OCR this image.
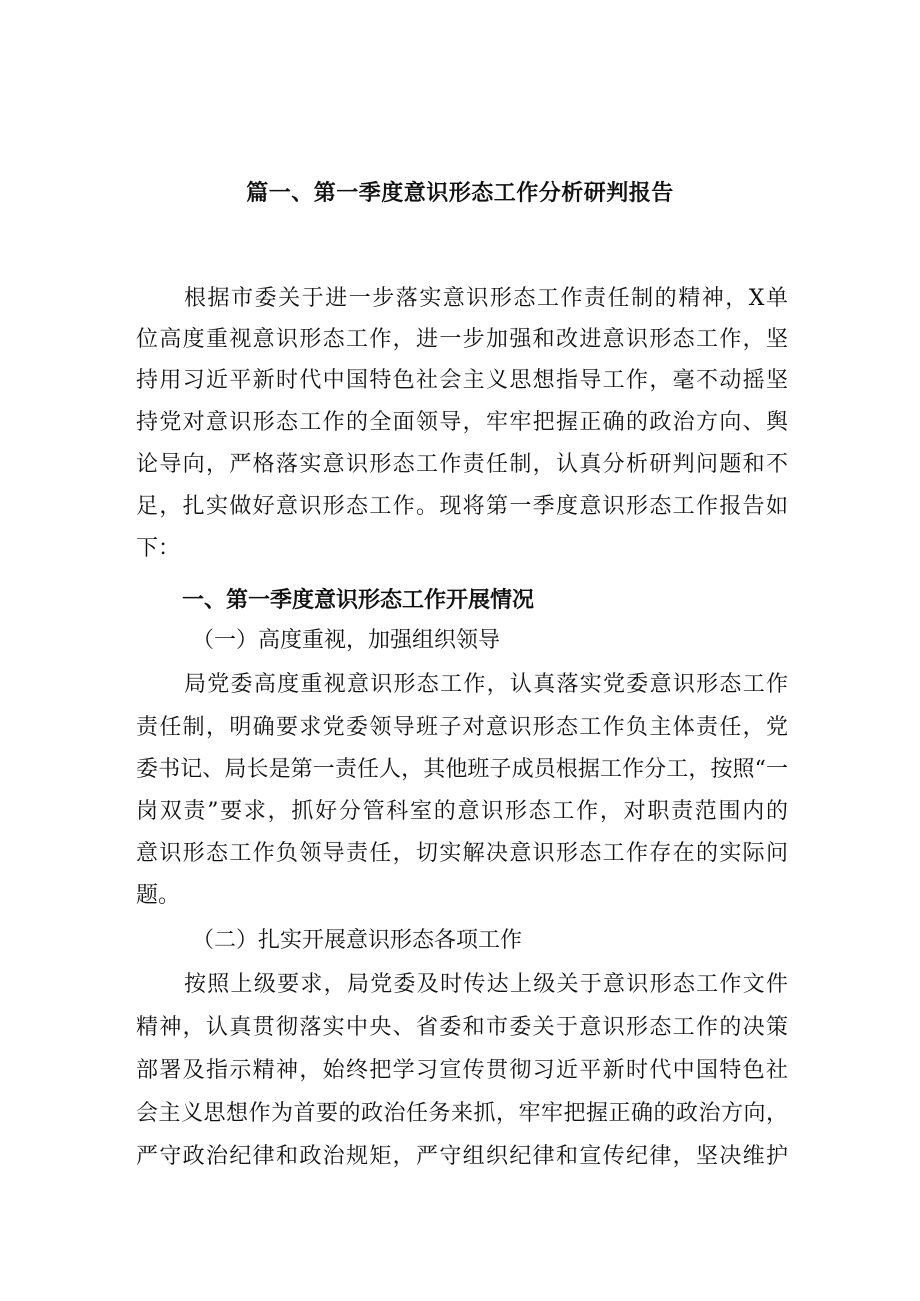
篇一、第一季度意识形态工作分析研判报告

根据市委关于进一步落实意识形态工作责任制的精神，X单

位高度重视意识形态工作，进一步加强和改进意识形态工作，坚

持用习近平新时代中国特色社会主义思想指导工作，毫不动摇坚

持党对意识形态工作的全面领导，牢牢把握正确的政治方向、舆

论导向，严格落实意识形态工作责任制，认真分析研判问题和不

足，扎实做好意识形态工作。现将第一季度意识形态工作报告如

下：

一、第一季度意识形态工作开展情况

（一）高度重视，加强组织领导

局党委高度重视意识形态工作，认真落实党委意识形态工作

责任制，明确要求党委领导班子对意识形态工作负主体责任，党

委书记、局长是第一责任人，其他班子成员根据工作分工，按照“一

岗双责”要求，抓好分管科室的意识形态工作，对职责范围内的

意识形态工作负领导责任，切实解决意识形态工作存在的实际问

题。

（二）扎实开展意识形态各项工作

按照上级要求，局党委及时传达上级关于意识形态工作文件

精神，认真贯彻落实中央、省委和市委关于意识形态工作的决策

部署及指示精神，始终把学习宣传贯彻习近平新时代中国特色社

会主义思想作为首要的政治任务来抓，牢牢把握正确的政治方向，

严守政治纪律和政治规矩，严守组织纪律和宣传纪律，坚决维护
